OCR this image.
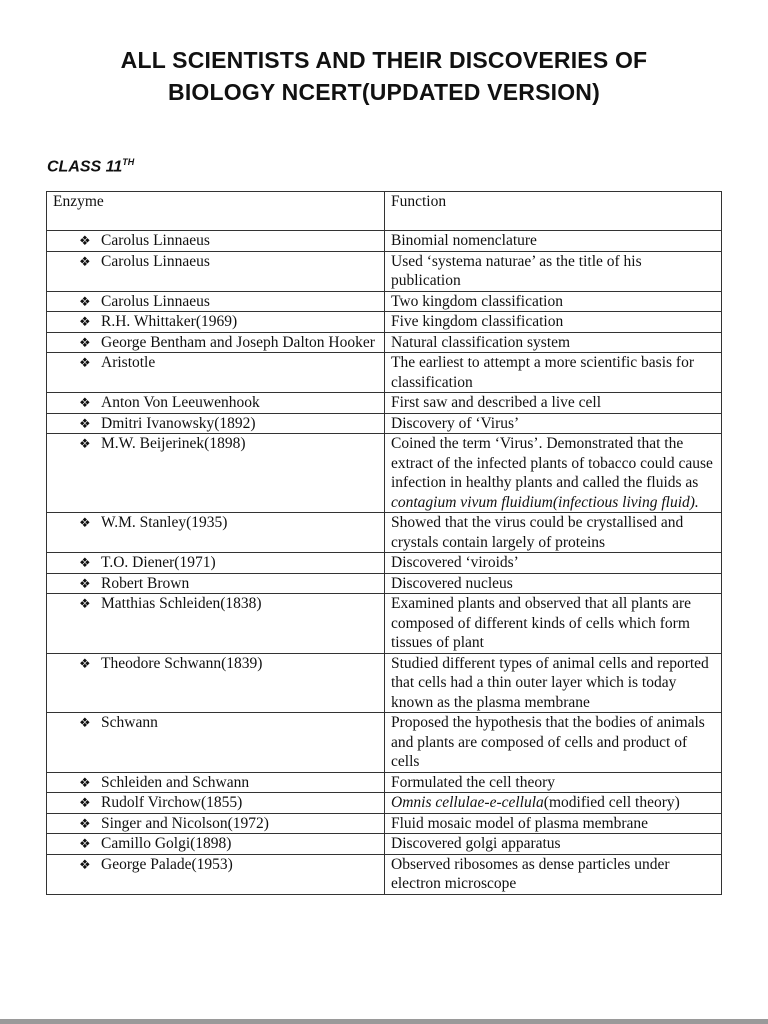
ALL SCIENTISTS AND THEIR DISCOVERIES OF
BIOLOGY NCERT(UPDATED VERSION)
CLASS 11TH
Enzyme	Function

❖ Carolus Linnaeus	Binomial nomenclature

❖ Carolus Linnaeus	Used ‘systema naturae’ as the title of his publication

❖ Carolus Linnaeus	Two kingdom classification

❖ R.H. Whittaker(1969)	Five kingdom classification

❖ George Bentham and Joseph Dalton Hooker	Natural classification system

❖ Aristotle	The earliest to attempt a more scientific basis for classification

❖ Anton Von Leeuwenhook	First saw and described a live cell

❖ Dmitri Ivanowsky(1892)	Discovery of ‘Virus’

❖ M.W. Beijerinek(1898)	Coined the term ‘Virus’. Demonstrated that the extract of the infected plants of tobacco could cause infection in healthy plants and called the fluids as contagium vivum fluidium(infectious living fluid).

❖ W.M. Stanley(1935)	Showed that the virus could be crystallised and crystals contain largely of proteins

❖ T.O. Diener(1971)	Discovered ‘viroids’

❖ Robert Brown	Discovered nucleus

❖ Matthias Schleiden(1838)	Examined plants and observed that all plants are composed of different kinds of cells which form tissues of plant

❖ Theodore Schwann(1839)	Studied different types of animal cells and reported that cells had a thin outer layer which is today known as the plasma membrane

❖ Schwann	Proposed the hypothesis that the bodies of animals and plants are composed of cells and product of cells

❖ Schleiden and Schwann	Formulated the cell theory

❖ Rudolf Virchow(1855)	Omnis cellulae-e-cellula(modified cell theory)

❖ Singer and Nicolson(1972)	Fluid mosaic model of plasma membrane

❖ Camillo Golgi(1898)	Discovered golgi apparatus

❖ George Palade(1953)	Observed ribosomes as dense particles under electron microscope
